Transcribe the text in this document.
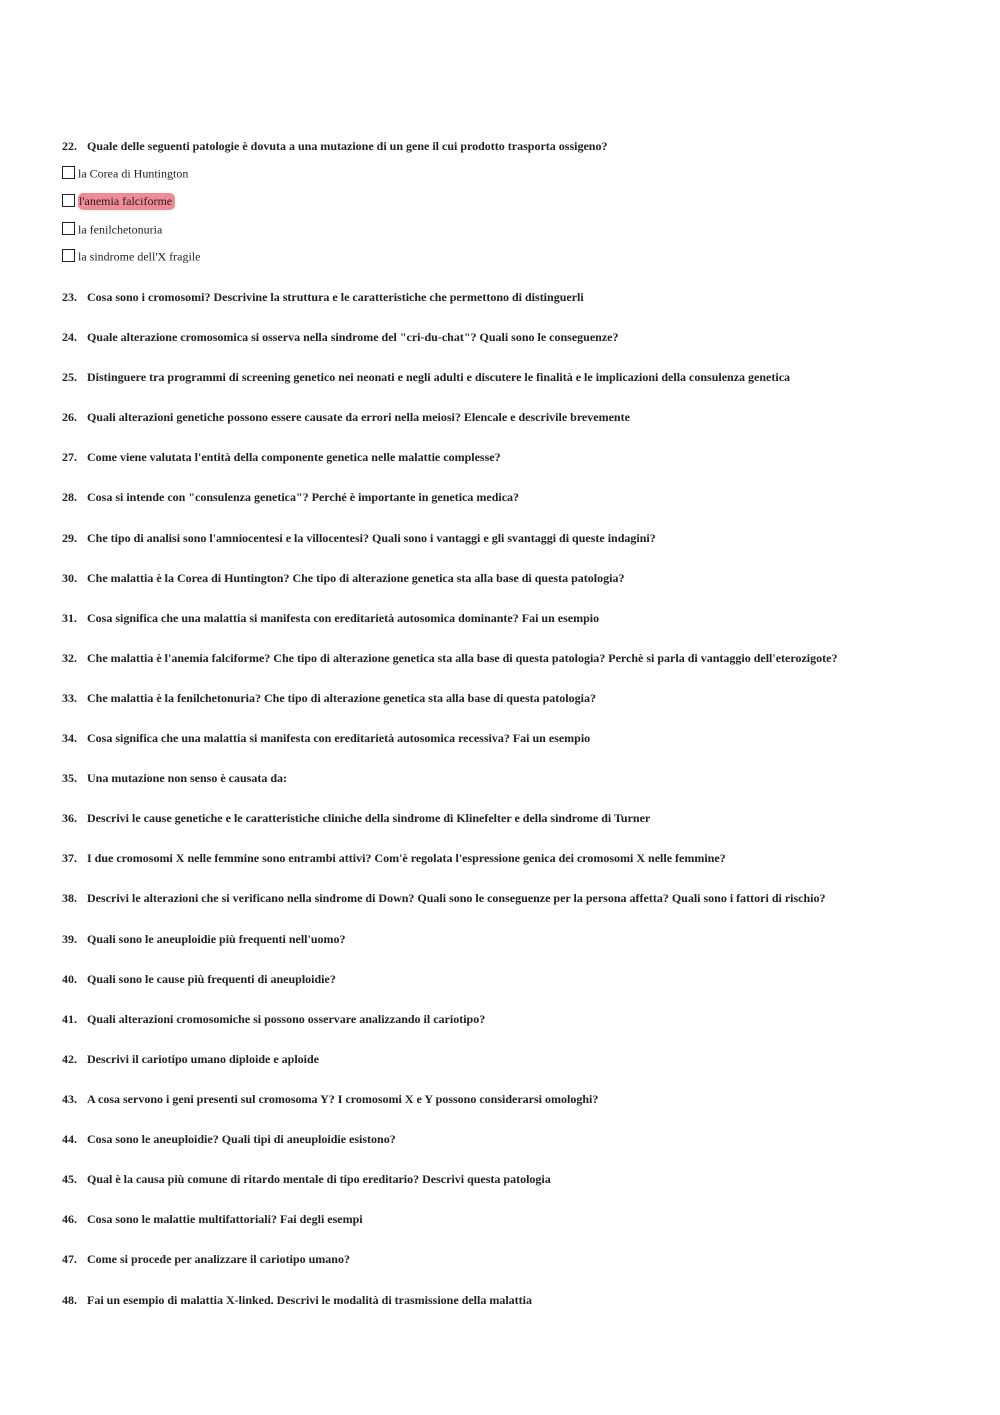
22. Quale delle seguenti patologie è dovuta a una mutazione di un gene il cui prodotto trasporta ossigeno?
la Corea di Huntington
l'anemia falciforme
la fenilchetonuria
la sindrome dell'X fragile
23. Cosa sono i cromosomi? Descrivine la struttura e le caratteristiche che permettono di distinguerli
24. Quale alterazione cromosomica si osserva nella sindrome del "cri-du-chat"? Quali sono le conseguenze?
25. Distinguere tra programmi di screening genetico nei neonati e negli adulti e discutere le finalità e le implicazioni della consulenza genetica
26. Quali alterazioni genetiche possono essere causate da errori nella meiosi? Elencale e descrivile brevemente
27. Come viene valutata l'entità della componente genetica nelle malattie complesse?
28. Cosa si intende con "consulenza genetica"? Perché è importante in genetica medica?
29. Che tipo di analisi sono l'amniocentesi e la villocentesi? Quali sono i vantaggi e gli svantaggi di queste indagini?
30. Che malattia è la Corea di Huntington? Che tipo di alterazione genetica sta alla base di questa patologia?
31. Cosa significa che una malattia si manifesta con ereditarietà autosomica dominante? Fai un esempio
32. Che malattia è l'anemia falciforme? Che tipo di alterazione genetica sta alla base di questa patologia? Perchè si parla di vantaggio dell'eterozigote?
33. Che malattia è la fenilchetonuria? Che tipo di alterazione genetica sta alla base di questa patologia?
34. Cosa significa che una malattia si manifesta con ereditarietà autosomica recessiva? Fai un esempio
35. Una mutazione non senso è causata da:
36. Descrivi le cause genetiche e le caratteristiche cliniche della sindrome di Klinefelter e della sindrome di Turner
37. I due cromosomi X nelle femmine sono entrambi attivi? Com'è regolata l'espressione genica dei cromosomi X nelle femmine?
38. Descrivi le alterazioni che si verificano nella sindrome di Down? Quali sono le conseguenze per la persona affetta? Quali sono i fattori di rischio?
39. Quali sono le aneuploidie più frequenti nell'uomo?
40. Quali sono le cause più frequenti di aneuploidie?
41. Quali alterazioni cromosomiche si possono osservare analizzando il cariotipo?
42. Descrivi il cariotipo umano diploide e aploide
43. A cosa servono i geni presenti sul cromosoma Y? I cromosomi X e Y possono considerarsi omologhi?
44. Cosa sono le aneuploidie? Quali tipi di aneuploidie esistono?
45. Qual è la causa più comune di ritardo mentale di tipo ereditario? Descrivi questa patologia
46. Cosa sono le malattie multifattoriali? Fai degli esempi
47. Come si procede per analizzare il cariotipo umano?
48. Fai un esempio di malattia X-linked. Descrivi le modalità di trasmissione della malattia
